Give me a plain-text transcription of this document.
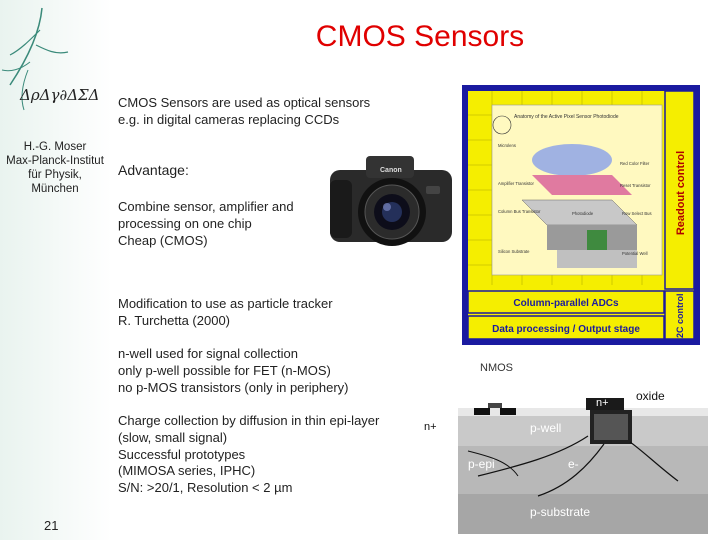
ΔρΔγ∂ΔΣΔ
CMOS Sensors
H.-G. Moser
Max-Planck-Institut
für Physik,
München
CMOS Sensors are used as optical sensors
e.g. in digital cameras replacing CCDs
Advantage:
Combine sensor, amplifier and
processing on one chip
Cheap (CMOS)
Modification to use as particle tracker
R. Turchetta (2000)
n-well used for signal collection
only p-well possible for FET (n-MOS)
no p-MOS transistors (only in periphery)
Charge collection by diffusion in thin epi-layer
(slow, small signal)
Successful prototypes
(MIMOSA series, IPHC)
S/N: >20/1, Resolution < 2 µm
21
Canon	Readout control
Anatomy of the Active Pixel Sensor Photodiode
Microlens
Red Color Filter
Reset Transistor
Amplifier Transistor
Column Bus Transistor	Row Select Bus
Photodiode
Silicon Substrate	Potential Well
Column-parallel ADCs	I2C control
Data processing / Output stage
NMOS
n+
n+ oxide
p-well
p-epi	e-
p-substrate
